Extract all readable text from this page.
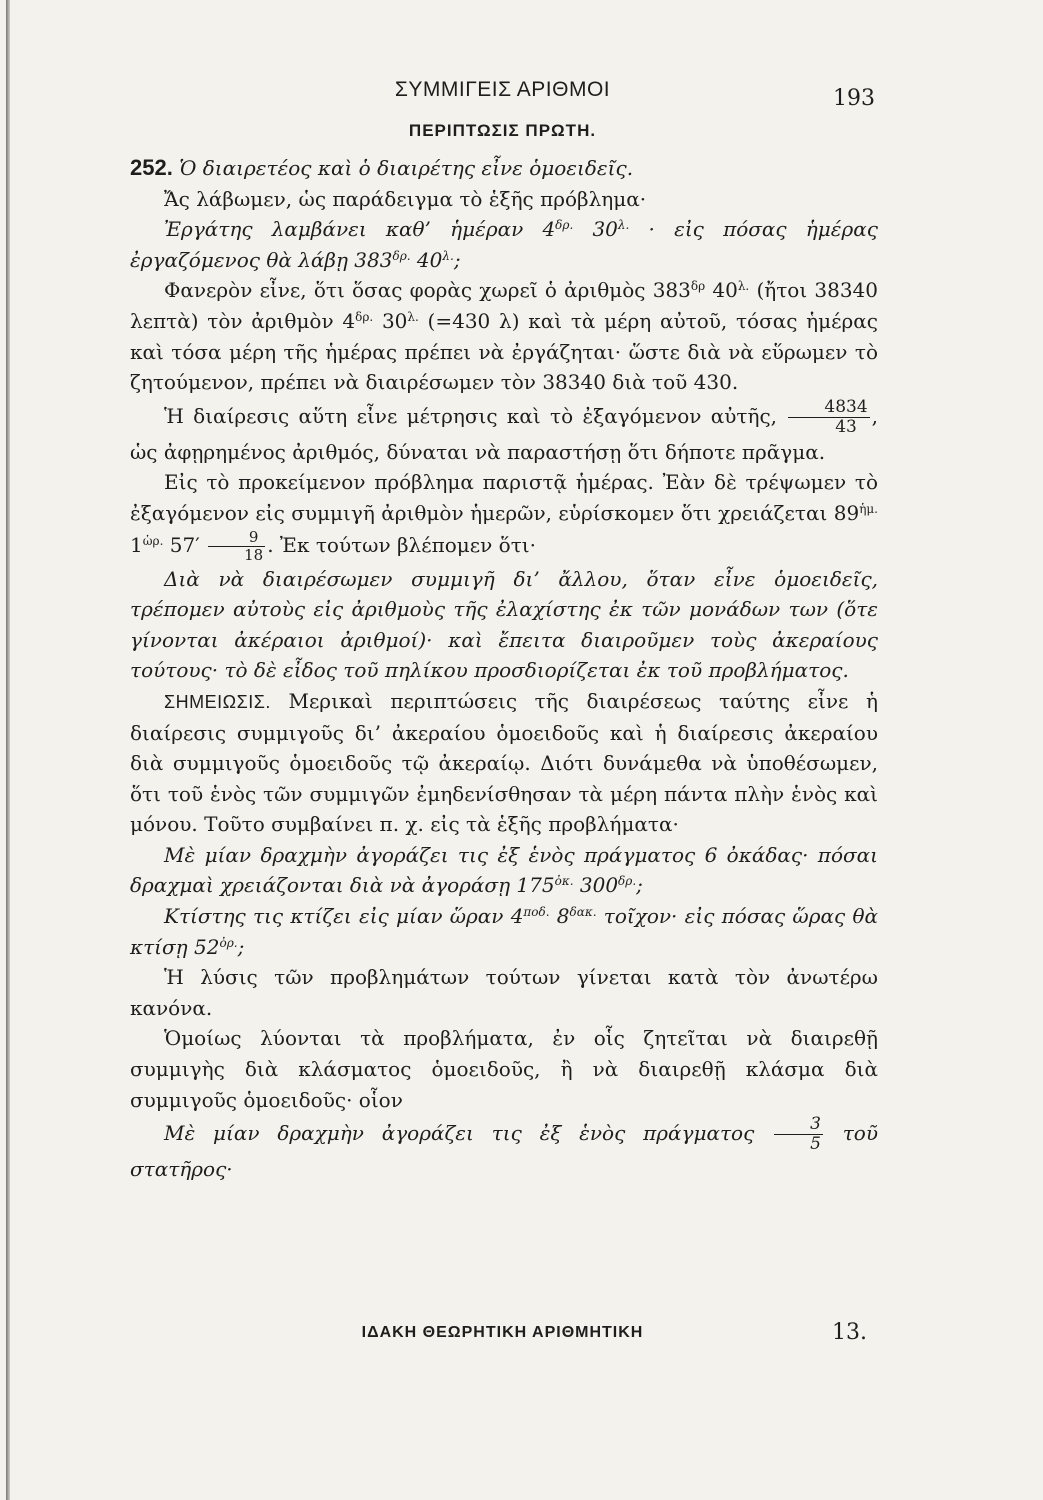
ΣΥΜΜΙΓΕΙΣ ΑΡΙΘΜΟΙ	193
ΠΕΡΙΠΤΩΣΙΣ ΠΡΩΤΗ.

252. Ὁ διαιρετέος καὶ ὁ διαιρέτης εἶνε ὁμοειδεῖς.

Ἄς λάβωμεν, ὡς παράδειγμα τὸ ἑξῆς πρόβλημα·

Ἐργάτης λαμβάνει καθ’ ἡμέραν $4^{\delta\rho.}$ $30^{\lambda.}$ · εἰς πόσας ἡμέρας ἐργαζόμενος θὰ λάβῃ $383^{\delta\rho.}$ $40^{\lambda.}$;

Φανερὸν εἶνε, ὅτι ὅσας φορὰς χωρεῖ ὁ ἀριθμὸς $383^{\delta\rho}$ $40^{\lambda.}$ (ἤτοι 38340 λεπτὰ) τὸν ἀριθμὸν $4^{\delta\rho.}$ $30^{\lambda.}$ (=430 λ) καὶ τὰ μέρη αὐτοῦ, τόσας ἡμέρας καὶ τόσα μέρη τῆς ἡμέρας πρέπει νὰ ἐργάζηται· ὥστε διὰ νὰ εὕρωμεν τὸ ζητούμενον, πρέπει νὰ διαιρέσωμεν τὸν 38340 διὰ τοῦ 430.

Ἡ διαίρεσις αὕτη εἶνε μέτρησις καὶ τὸ ἐξαγόμενον αὐτῆς, $\frac{4834}{43}$ , ὡς ἀφῃρημένος ἀριθμός, δύναται νὰ παραστήσῃ ὅτι δήποτε πρᾶγμα.

Εἰς τὸ προκείμενον πρόβλημα παριστᾷ ἡμέρας. Ἐὰν δὲ τρέψωμεν τὸ ἐξαγόμενον εἰς συμμιγῆ ἀριθμὸν ἡμερῶν, εὑρίσκομεν ὅτι χρειάζεται $89^{ἡ\mu.}$ $1^{ὡ\rho.}$ $57' \frac{9}{18}$ . Ἐκ τούτων βλέπομεν ὅτι·

Διὰ νὰ διαιρέσωμεν συμμιγῆ δι’ ἄλλου, ὅταν εἶνε ὁμοειδεῖς, τρέπομεν αὐτοὺς εἰς ἀριθμοὺς τῆς ἐλαχίστης ἐκ τῶν μονάδων των (ὅτε γίνονται ἀκέραιοι ἀριθμοί)· καὶ ἔπειτα διαιροῦμεν τοὺς ἀκεραίους τούτους· τὸ δὲ εἶδος τοῦ πηλίκου προσδιορίζεται ἐκ τοῦ προβλήματος.

ΣΗΜΕΙΩΣΙΣ. Μερικαὶ περιπτώσεις τῆς διαιρέσεως ταύτης εἶνε ἡ διαίρεσις συμμιγοῦς δι’ ἀκεραίου ὁμοειδοῦς καὶ ἡ διαίρεσις ἀκεραίου διὰ συμμιγοῦς ὁμοειδοῦς τῷ ἀκεραίῳ. Διότι δυνάμεθα νὰ ὑποθέσωμεν, ὅτι τοῦ ἑνὸς τῶν συμμιγῶν ἐμηδενίσθησαν τὰ μέρη πάντα πλὴν ἑνὸς καὶ μόνου. Τοῦτο συμβαίνει π. χ. εἰς τὰ ἑξῆς προβλήματα·

Μὲ μίαν δραχμὴν ἀγοράζει τις ἐξ ἑνὸς πράγματος 6 ὀκάδας· πόσαι δραχμαὶ χρειάζονται διὰ νὰ ἀγοράσῃ $175^{ὀ\kappa.}$ $300^{\delta\rho.}$;

Κτίστης τις κτίζει εἰς μίαν ὥραν $4^{\pi o\delta.}$ $8^{\delta\alpha\kappa.}$ τοῖχον· εἰς πόσας ὥρας θὰ κτίσῃ $52^{ὀ\rho.}$;

Ἡ λύσις τῶν προβλημάτων τούτων γίνεται κατὰ τὸν ἀνωτέρω κανόνα.

Ὁμοίως λύονται τὰ προβλήματα, ἐν οἷς ζητεῖται νὰ διαιρεθῇ συμμιγὴς διὰ κλάσματος ὁμοειδοῦς, ἢ νὰ διαιρεθῇ κλάσμα διὰ συμμιγοῦς ὁμοειδοῦς· οἷον

Μὲ μίαν δραχμὴν ἀγοράζει τις ἐξ ἑνὸς πράγματος $\frac{3}{5}$ τοῦ στατῆρος·

ΙΔΑΚΗ ΘΕΩΡΗΤΙΚΗ ΑΡΙΘΜΗΤΙΚΗ	13.
